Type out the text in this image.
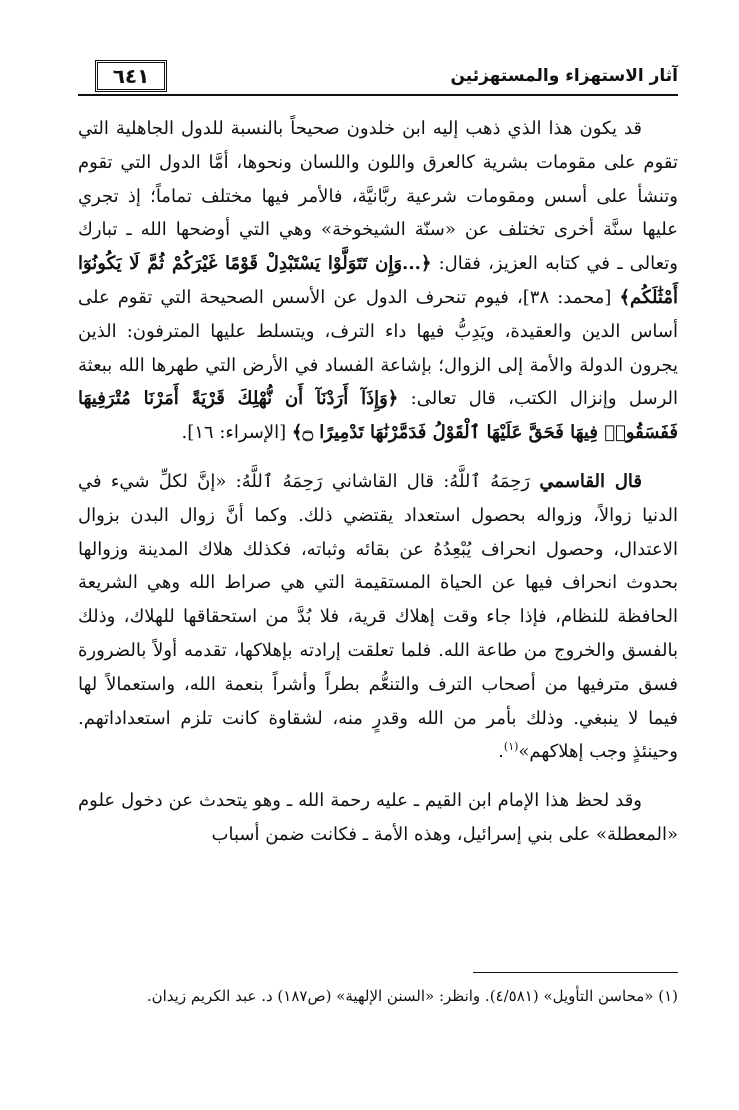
آثار الاستهزاء والمستهزئين
٦٤١

قد يكون هذا الذي ذهب إليه ابن خلدون صحيحاً بالنسبة للدول الجاهلية التي تقوم على مقومات بشرية كالعرق واللون واللسان ونحوها، أمَّا الدول التي تقوم وتنشأ على أسس ومقومات شرعية ربَّانيَّة، فالأمر فيها مختلف تماماً؛ إذ تجري عليها سنَّة أخرى تختلف عن «سنّة الشيخوخة» وهي التي أوضحها الله ـ تبارك وتعالى ـ في كتابه العزيز، فقال: ﴿...وَإِن تَتَوَلَّوْا يَسْتَبْدِلْ قَوْمًا غَيْرَكُمْ ثُمَّ لَا يَكُونُوٓا أَمْثَٰلَكُم﴾ [محمد: ٣٨]، فيوم تنحرف الدول عن الأسس الصحيحة التي تقوم على أساس الدين والعقيدة، ويَدِبُّ فيها داء الترف، ويتسلط عليها المترفون: الذين يجرون الدولة والأمة إلى الزوال؛ بإشاعة الفساد في الأرض التي طهرها الله ببعثة الرسل وإنزال الكتب، قال تعالى: ﴿وَإِذَآ أَرَدْنَآ أَن نُّهْلِكَ قَرْيَةً أَمَرْنَا مُتْرَفِيهَا فَفَسَقُوا۟ فِيهَا فَحَقَّ عَلَيْهَا ٱلْقَوْلُ فَدَمَّرْنَٰهَا تَدْمِيرًا ۝﴾ [الإسراء: ١٦].

قال القاسمي رَحِمَهُ ٱللَّهُ: قال القاشاني رَحِمَهُ ٱللَّهُ: «إنَّ لكلِّ شيء في الدنيا زوالاً، وزواله بحصول استعداد يقتضي ذلك. وكما أنَّ زوال البدن بزوال الاعتدال، وحصول انحراف يُبْعِدُهُ عن بقائه وثباته، فكذلك هلاك المدينة وزوالها بحدوث انحراف فيها عن الحياة المستقيمة التي هي صراط الله وهي الشريعة الحافظة للنظام، فإذا جاء وقت إهلاك قرية، فلا بُدَّ من استحقاقها للهلاك، وذلك بالفسق والخروج من طاعة الله. فلما تعلقت إرادته بإهلاكها، تقدمه أولاً بالضرورة فسق مترفيها من أصحاب الترف والتنعُّم بطراً وأشراً بنعمة الله، واستعمالاً لها فيما لا ينبغي. وذلك بأمر من الله وقدرٍ منه، لشقاوة كانت تلزم استعداداتهم. وحينئذٍ وجب إهلاكهم»$^{(١)}$.

وقد لحظ هذا الإمام ابن القيم ـ عليه رحمة الله ـ وهو يتحدث عن دخول علوم «المعطلة» على بني إسرائيل، وهذه الأمة ـ فكانت ضمن أسباب

(١) «محاسن التأويل» (٤/٥٨١). وانظر: «السنن الإلهية» (ص١٨٧) د. عبد الكريم زيدان.
